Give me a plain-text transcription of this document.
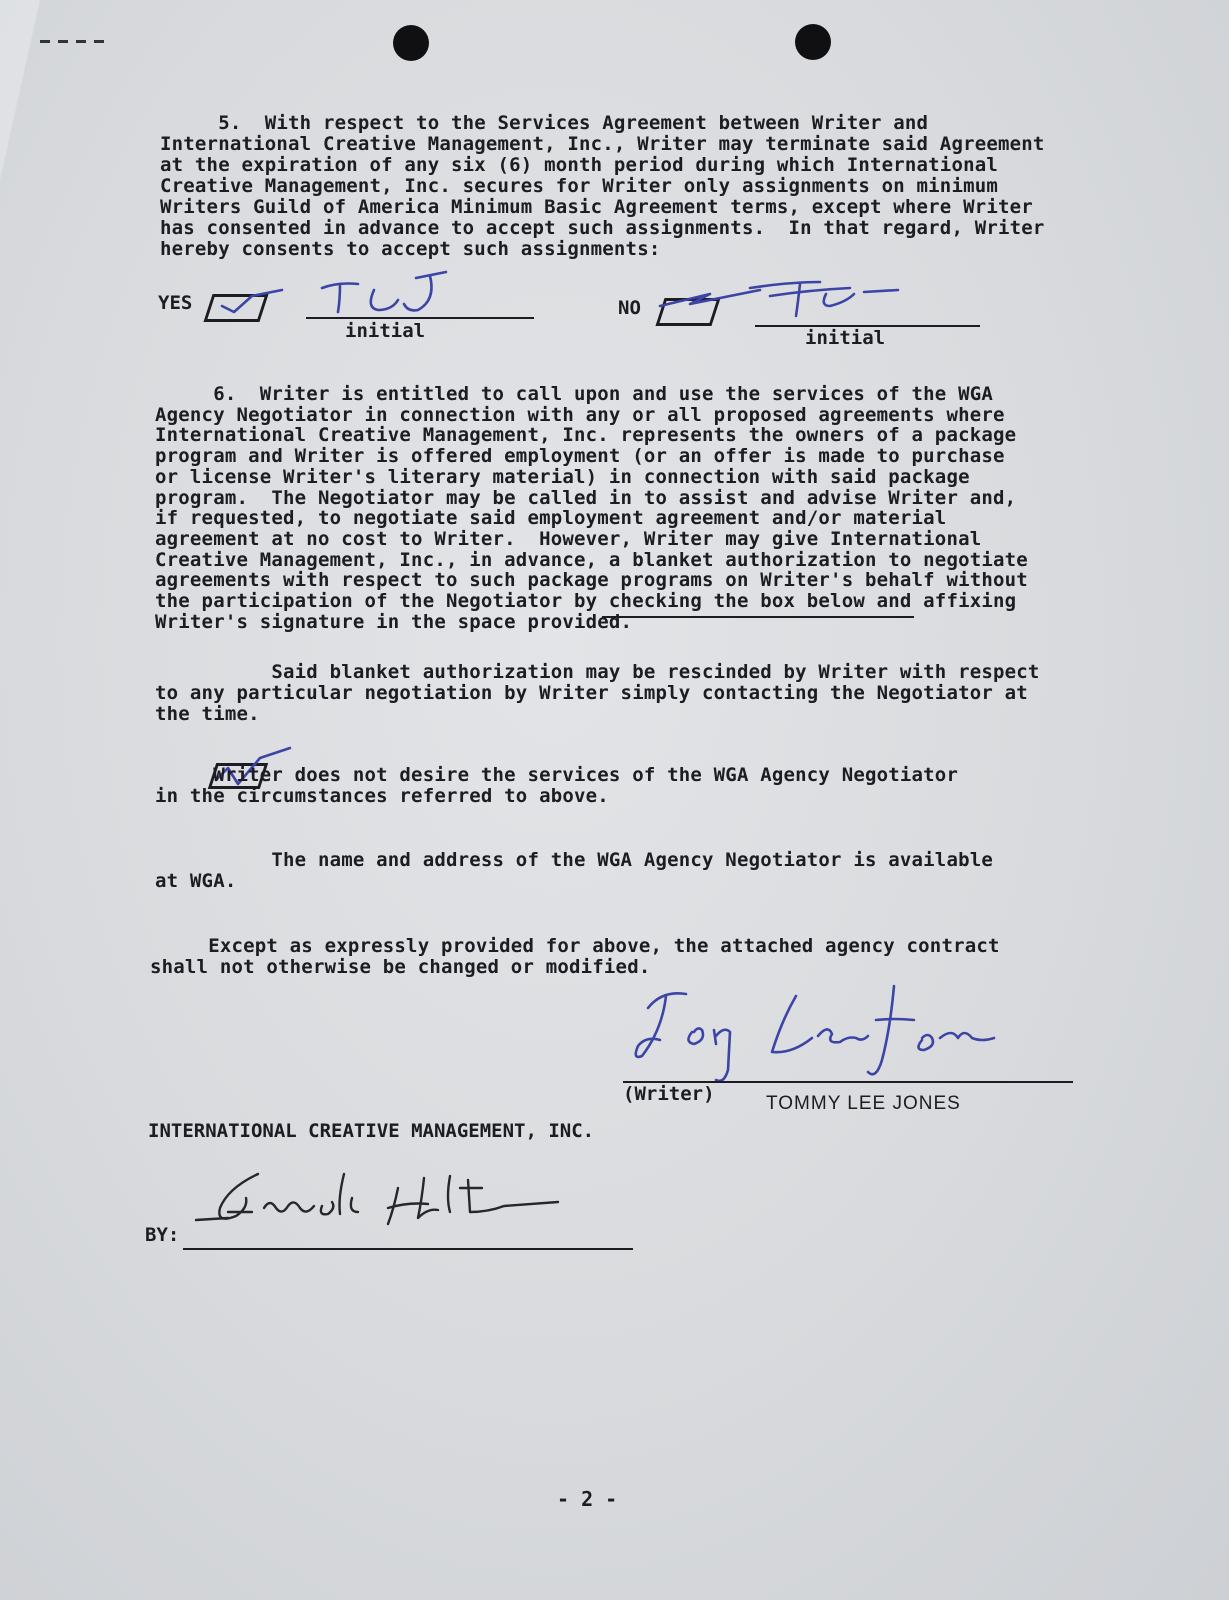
5.  With respect to the Services Agreement between Writer and
International Creative Management, Inc., Writer may terminate said Agreement
at the expiration of any six (6) month period during which International
Creative Management, Inc. secures for Writer only assignments on minimum
Writers Guild of America Minimum Basic Agreement terms, except where Writer
has consented in advance to accept such assignments.  In that regard, Writer
hereby consents to accept such assignments:
YES
initial
NO
initial
6.  Writer is entitled to call upon and use the services of the WGA
Agency Negotiator in connection with any or all proposed agreements where
International Creative Management, Inc. represents the owners of a package
program and Writer is offered employment (or an offer is made to purchase
or license Writer's literary material) in connection with said package
program.  The Negotiator may be called in to assist and advise Writer and,
if requested, to negotiate said employment agreement and/or material
agreement at no cost to Writer.  However, Writer may give International
Creative Management, Inc., in advance, a blanket authorization to negotiate
agreements with respect to such package programs on Writer's behalf without
the participation of the Negotiator by checking the box below and affixing
Writer's signature in the space provided.
Said blanket authorization may be rescinded by Writer with respect
to any particular negotiation by Writer simply contacting the Negotiator at
the time.
Writer does not desire the services of the WGA Agency Negotiator
in the circumstances referred to above.
The name and address of the WGA Agency Negotiator is available
at WGA.
Except as expressly provided for above, the attached agency contract
shall not otherwise be changed or modified.
(Writer)	TOMMY LEE JONES
INTERNATIONAL CREATIVE MANAGEMENT, INC.
BY:
- 2 -
